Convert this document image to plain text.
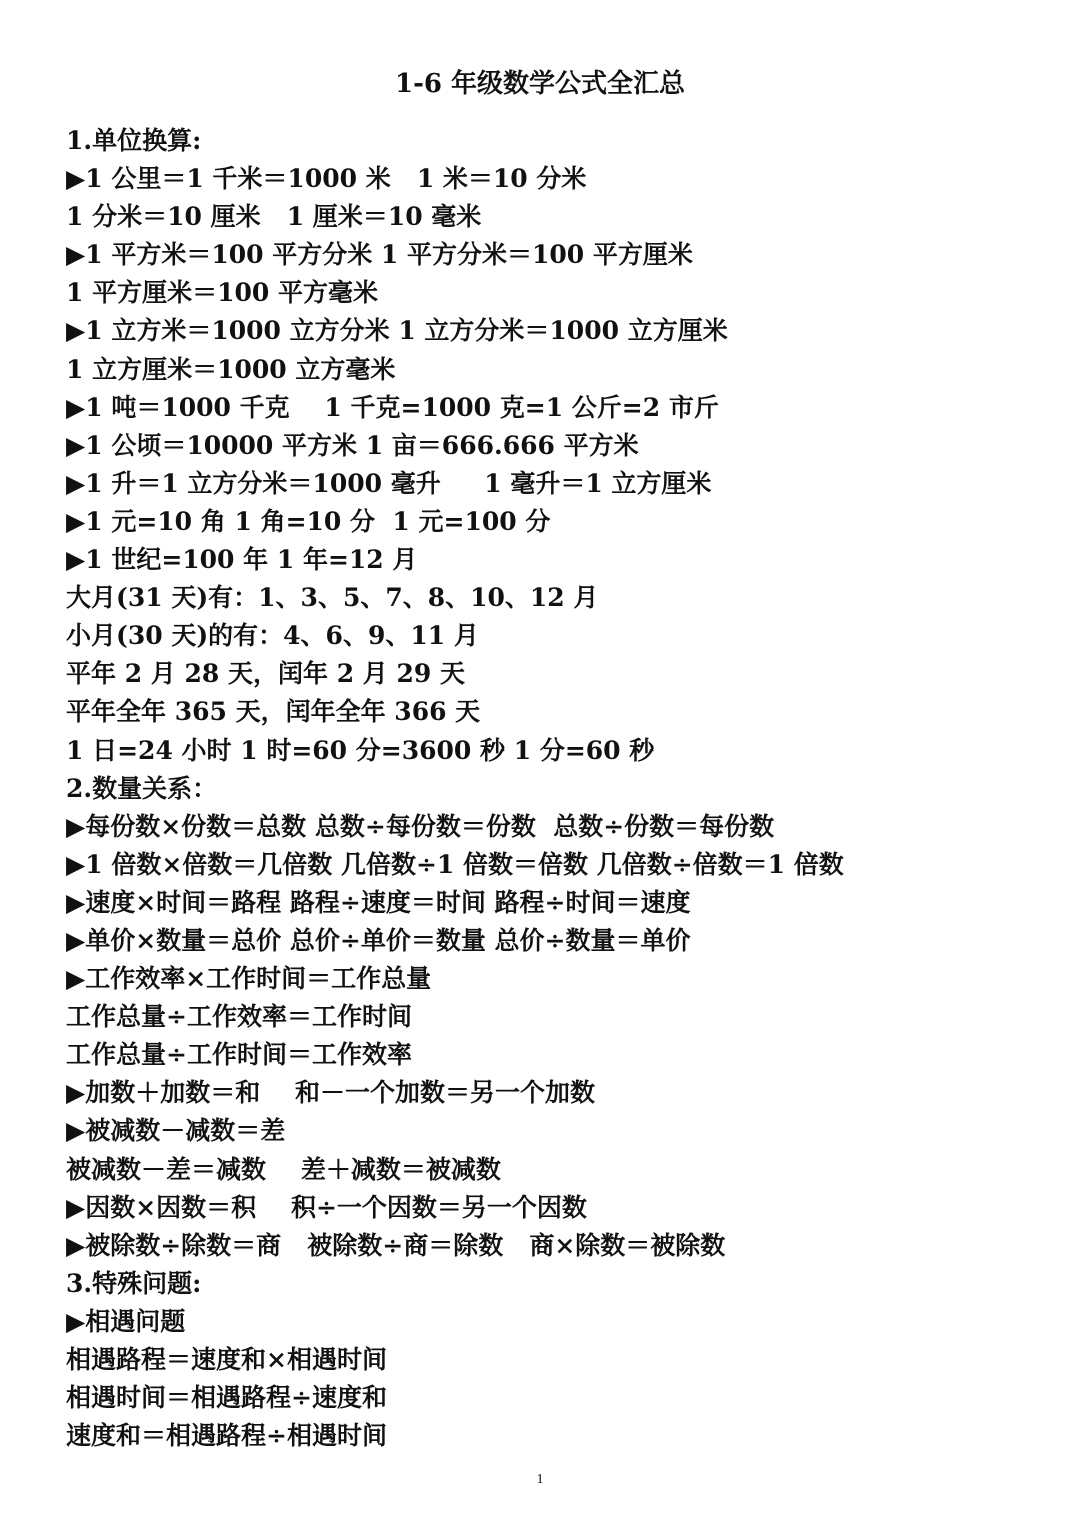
1-6 年级数学公式全汇总
1.单位换算:
▶1 公里＝1 千米＝1000 米   1 米＝10 分米
1 分米＝10 厘米   1 厘米＝10 毫米
▶1 平方米＝100 平方分米 1 平方分米＝100 平方厘米
1 平方厘米＝100 平方毫米
▶1 立方米＝1000 立方分米 1 立方分米＝1000 立方厘米
1 立方厘米＝1000 立方毫米
▶1 吨＝1000 千克    1 千克=1000 克=1 公斤=2 市斤
▶1 公顷＝10000 平方米 1 亩＝666.666 平方米
▶1 升＝1 立方分米＝1000 毫升     1 毫升＝1 立方厘米
▶1 元=10 角 1 角=10 分  1 元=100 分
▶1 世纪=100 年 1 年=12 月
大月(31 天)有：1、3、5、7、8、10、12 月
小月(30 天)的有：4、6、9、11 月
平年 2 月 28 天，闰年 2 月 29 天
平年全年 365 天，闰年全年 366 天
1 日=24 小时 1 时=60 分=3600 秒 1 分=60 秒
2.数量关系：
▶每份数×份数＝总数 总数÷每份数＝份数  总数÷份数＝每份数
▶1 倍数×倍数＝几倍数 几倍数÷1 倍数＝倍数 几倍数÷倍数＝1 倍数
▶速度×时间＝路程 路程÷速度＝时间 路程÷时间＝速度
▶单价×数量＝总价 总价÷单价＝数量 总价÷数量＝单价
▶工作效率×工作时间＝工作总量
工作总量÷工作效率＝工作时间
工作总量÷工作时间＝工作效率
▶加数＋加数＝和    和－一个加数＝另一个加数
▶被减数－减数＝差
被减数－差＝减数    差＋减数＝被减数
▶因数×因数＝积    积÷一个因数＝另一个因数
▶被除数÷除数＝商   被除数÷商＝除数   商×除数＝被除数
3.特殊问题:
▶相遇问题
相遇路程＝速度和×相遇时间
相遇时间＝相遇路程÷速度和
速度和＝相遇路程÷相遇时间
1
